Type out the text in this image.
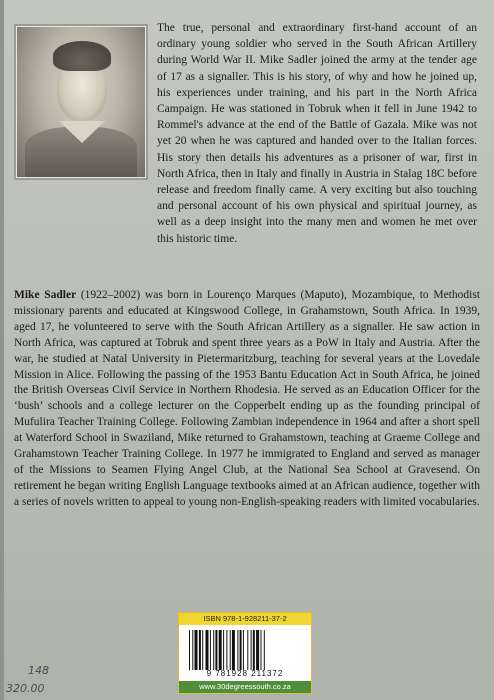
The true, personal and extraordinary first-hand account of an ordinary young soldier who served in the South African Artillery during World War II. Mike Sadler joined the army at the tender age of 17 as a signaller. This is his story, of why and how he joined up, his experiences under training, and his part in the North Africa Campaign. He was stationed in Tobruk when it fell in June 1942 to Rommel's advance at the end of the Battle of Gazala. Mike was not yet 20 when he was captured and handed over to the Italian forces. His story then details his adventures as a prisoner of war, first in North Africa, then in Italy and finally in Austria in Stalag 18C before release and freedom finally came. A very exciting but also touching and personal account of his own physical and spiritual journey, as well as a deep insight into the many men and women he met over this historic time.

Mike Sadler (1922–2002) was born in Lourenço Marques (Maputo), Mozambique, to Methodist missionary parents and educated at Kingswood College, in Grahamstown, South Africa. In 1939, aged 17, he volunteered to serve with the South African Artillery as a signaller. He saw action in North Africa, was captured at Tobruk and spent three years as a PoW in Italy and Austria. After the war, he studied at Natal University in Pietermaritzburg, teaching for several years at the Lovedale Mission in Alice. Following the passing of the 1953 Bantu Education Act in South Africa, he joined the British Overseas Civil Service in Northern Rhodesia. He served as an Education Officer for the ‘bush’ schools and a college lecturer on the Copperbelt ending up as the founding principal of Mufulira Teacher Training College. Following Zambian independence in 1964 and after a short spell at Waterford School in Swaziland, Mike returned to Grahamstown, teaching at Graeme College and Grahamstown Teacher Training College. In 1977 he immigrated to England and served as manager of the Missions to Seamen Flying Angel Club, at the National Sea School at Gravesend. On retirement he began writing English Language textbooks aimed at an African audience, together with a series of novels written to appeal to young non-English-speaking readers with limited vocabularies.

ISBN 978-1-928211-37-2
9 781928 211372
www.30degreessouth.co.za
148
320.00
